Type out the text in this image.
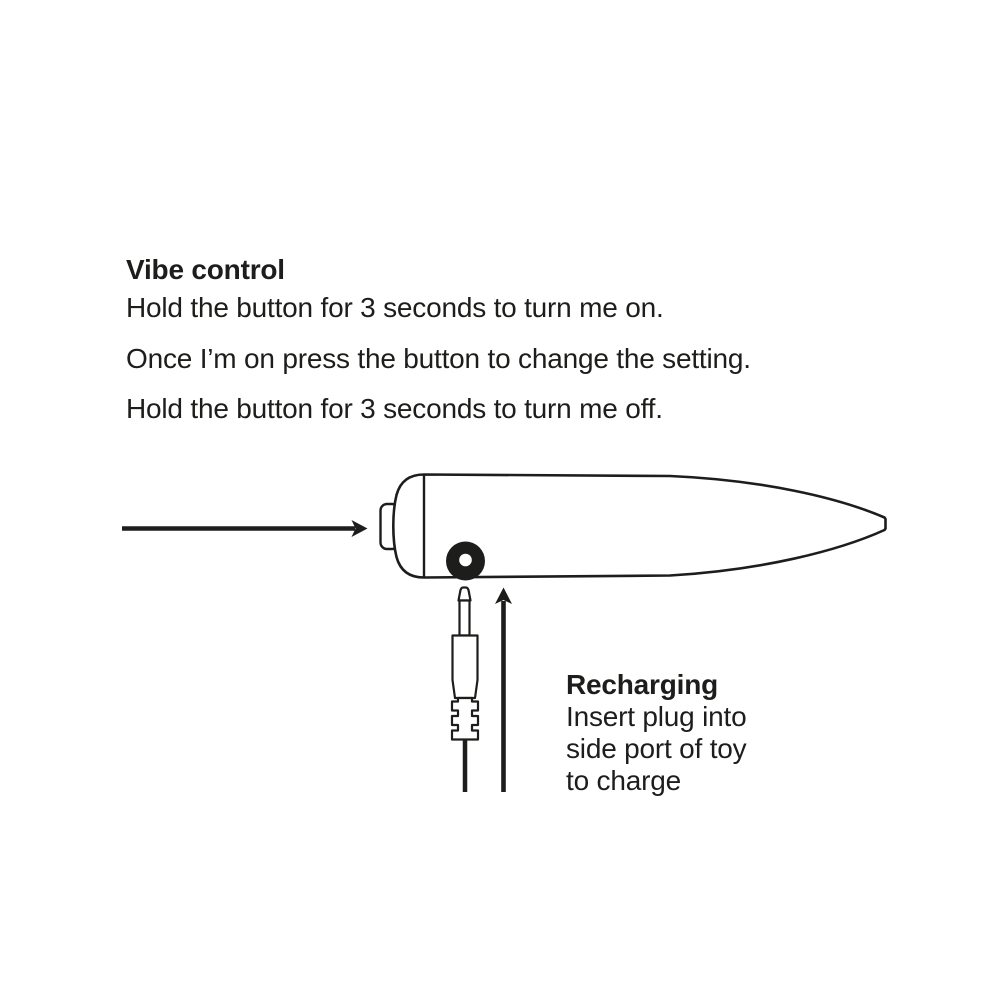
Vibe control
Hold the button for 3 seconds to turn me on.
Once I’m on press the button to change the setting.
Hold the button for 3 seconds to turn me off.
Recharging
Insert plug into
side port of toy
to charge
